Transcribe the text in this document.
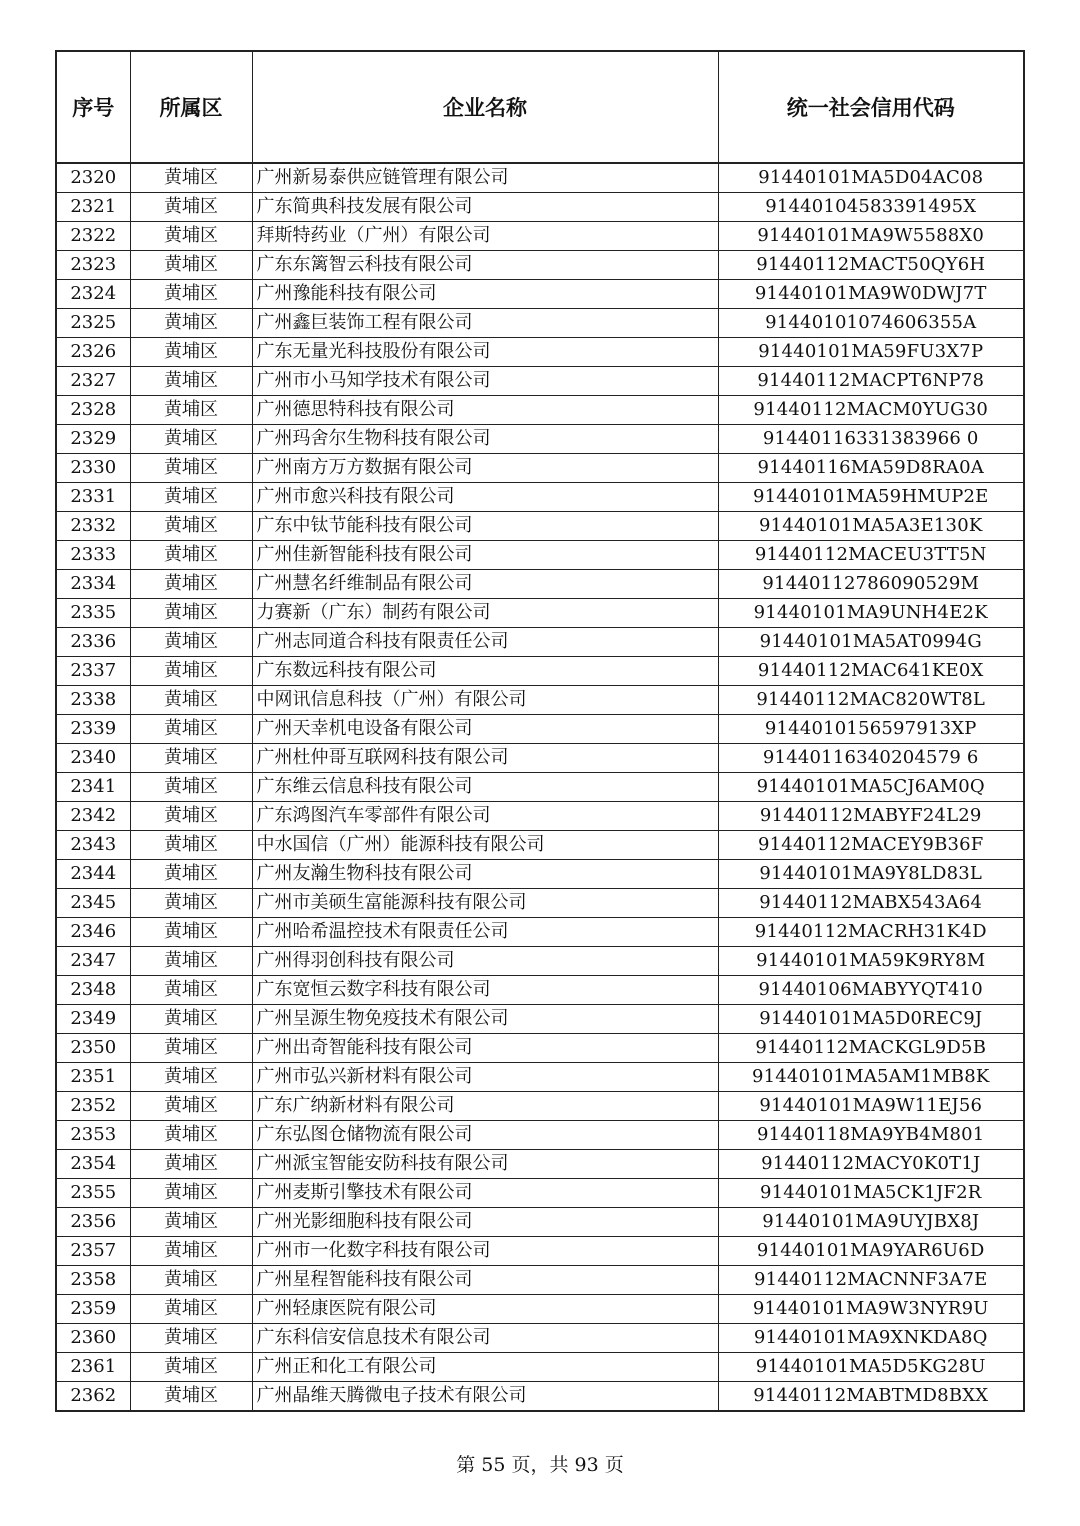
序号	所属区	企业名称	统一社会信用代码
2320	黄埔区	广州新易泰供应链管理有限公司	91440101MA5D04AC08
2321	黄埔区	广东简典科技发展有限公司	91440104583391495X
2322	黄埔区	拜斯特药业（广州）有限公司	91440101MA9W5588X0
2323	黄埔区	广东东篱智云科技有限公司	91440112MACT50QY6H
2324	黄埔区	广州豫能科技有限公司	91440101MA9W0DWJ7T
2325	黄埔区	广州鑫巨装饰工程有限公司	91440101074606355A
2326	黄埔区	广东无量光科技股份有限公司	91440101MA59FU3X7P
2327	黄埔区	广州市小马知学技术有限公司	91440112MACPT6NP78
2328	黄埔区	广州德思特科技有限公司	91440112MACM0YUG30
2329	黄埔区	广州玛舍尔生物科技有限公司	91440116331383966 0
2330	黄埔区	广州南方万方数据有限公司	91440116MA59D8RA0A
2331	黄埔区	广州市愈兴科技有限公司	91440101MA59HMUP2E
2332	黄埔区	广东中钛节能科技有限公司	91440101MA5A3E130K
2333	黄埔区	广州佳新智能科技有限公司	91440112MACEU3TT5N
2334	黄埔区	广州慧名纤维制品有限公司	91440112786090529M
2335	黄埔区	力赛新（广东）制药有限公司	91440101MA9UNH4E2K
2336	黄埔区	广州志同道合科技有限责任公司	91440101MA5AT0994G
2337	黄埔区	广东数远科技有限公司	91440112MAC641KE0X
2338	黄埔区	中网讯信息科技（广州）有限公司	91440112MAC820WT8L
2339	黄埔区	广州天幸机电设备有限公司	9144010156597913XP
2340	黄埔区	广州杜仲哥互联网科技有限公司	91440116340204579 6
2341	黄埔区	广东维云信息科技有限公司	91440101MA5CJ6AM0Q
2342	黄埔区	广东鸿图汽车零部件有限公司	91440112MABYF24L29
2343	黄埔区	中水国信（广州）能源科技有限公司	91440112MACEY9B36F
2344	黄埔区	广州友瀚生物科技有限公司	91440101MA9Y8LD83L
2345	黄埔区	广州市美硕生富能源科技有限公司	91440112MABX543A64
2346	黄埔区	广州哈希温控技术有限责任公司	91440112MACRH31K4D
2347	黄埔区	广州得羽创科技有限公司	91440101MA59K9RY8M
2348	黄埔区	广东宽恒云数字科技有限公司	91440106MABYYQT410
2349	黄埔区	广州呈源生物免疫技术有限公司	91440101MA5D0REC9J
2350	黄埔区	广州出奇智能科技有限公司	91440112MACKGL9D5B
2351	黄埔区	广州市弘兴新材料有限公司	91440101MA5AM1MB8K
2352	黄埔区	广东广纳新材料有限公司	91440101MA9W11EJ56
2353	黄埔区	广东弘图仓储物流有限公司	91440118MA9YB4M801
2354	黄埔区	广州派宝智能安防科技有限公司	91440112MACY0K0T1J
2355	黄埔区	广州麦斯引擎技术有限公司	91440101MA5CK1JF2R
2356	黄埔区	广州光影细胞科技有限公司	91440101MA9UYJBX8J
2357	黄埔区	广州市一化数字科技有限公司	91440101MA9YAR6U6D
2358	黄埔区	广州星程智能科技有限公司	91440112MACNNF3A7E
2359	黄埔区	广州轻康医院有限公司	91440101MA9W3NYR9U
2360	黄埔区	广东科信安信息技术有限公司	91440101MA9XNKDA8Q
2361	黄埔区	广州正和化工有限公司	91440101MA5D5KG28U
2362	黄埔区	广州晶维天腾微电子技术有限公司	91440112MABTMD8BXX
第 55 页，共 93 页
